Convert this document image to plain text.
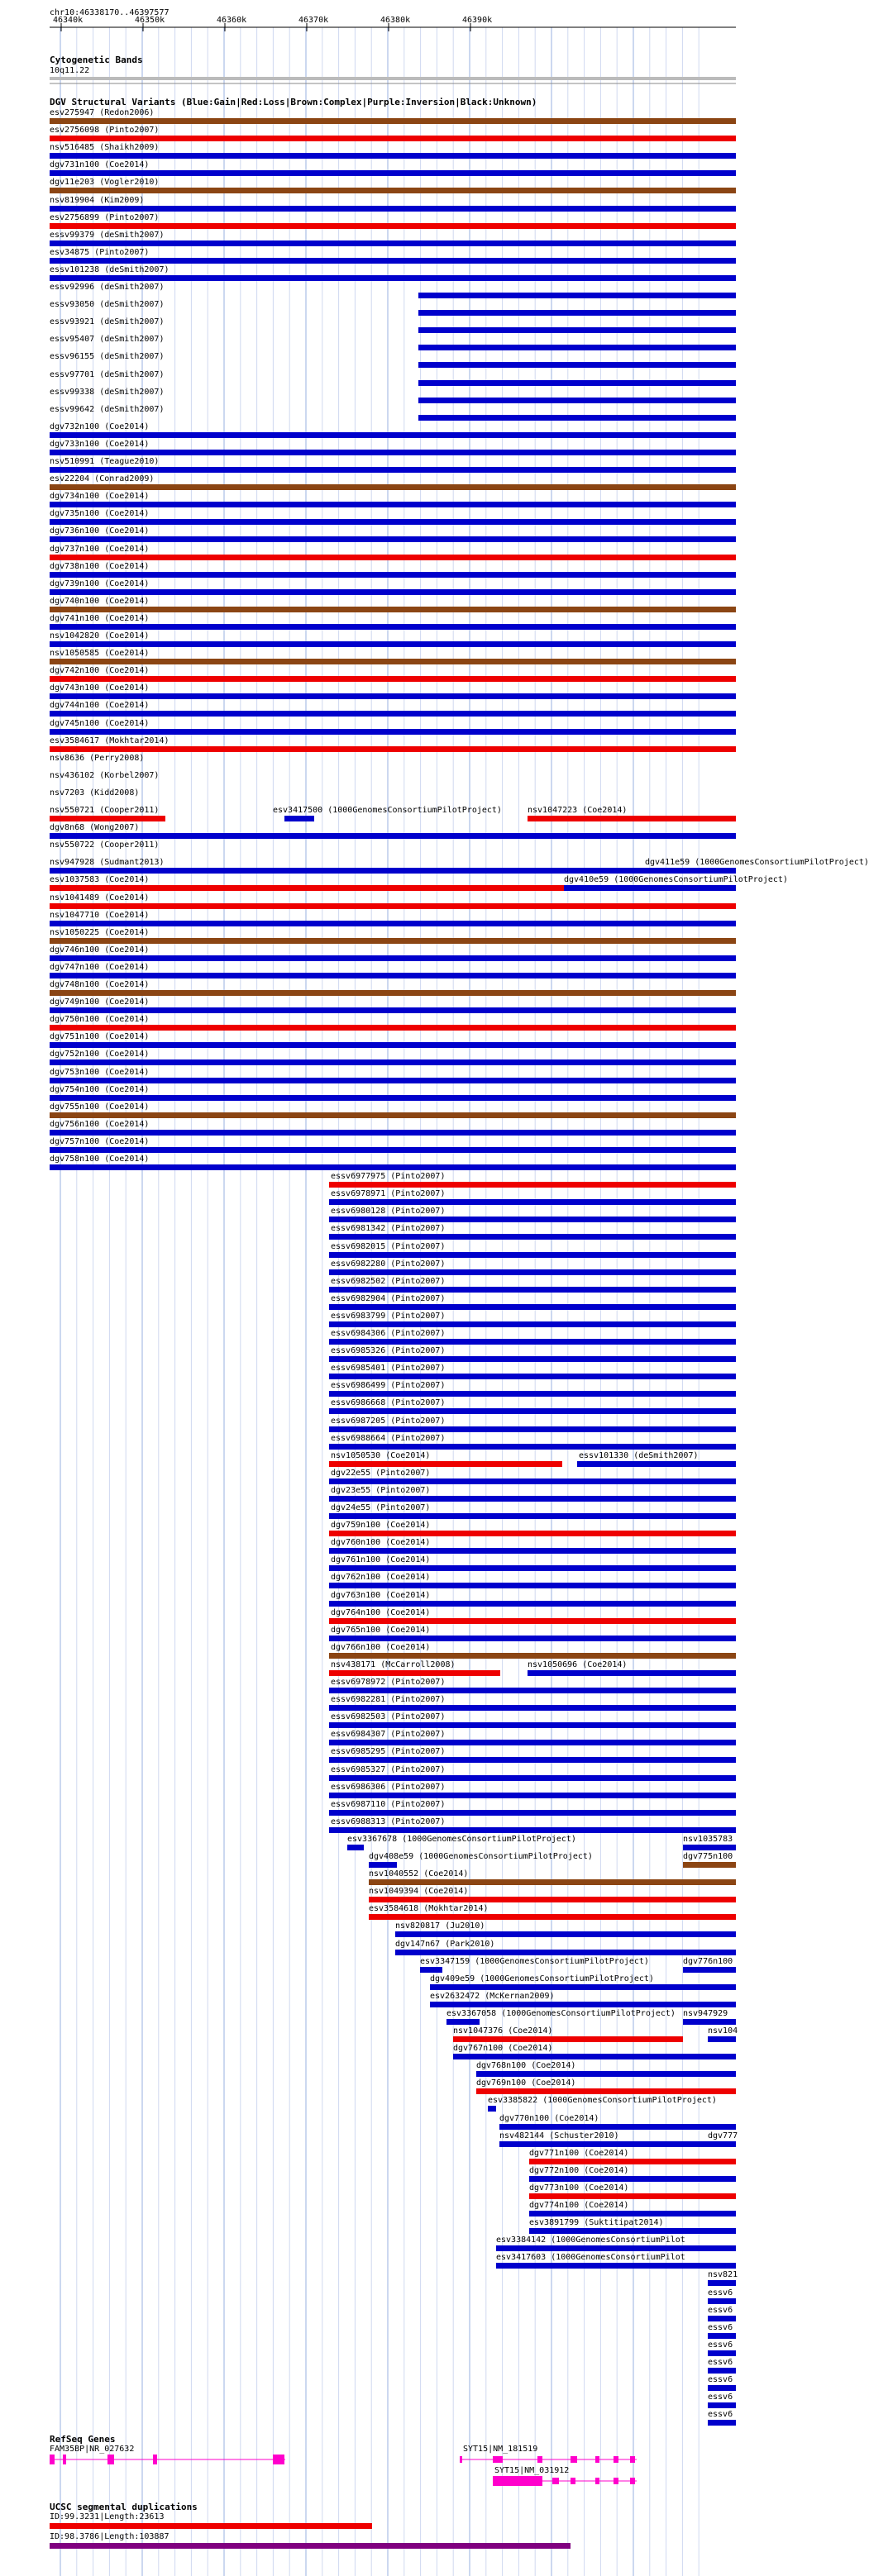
chr10:46338170..46397577
Cytogenetic Bands
10q11.22
DGV Structural Variants (Blue:Gain|Red:Loss|Brown:Complex|Purple:Inversion|Black:Unknown)
RefSeq Genes
UCSC segmental duplications
46340k	46350k	46360k	46370k	46380k	46390k
esv275947 (Redon2006)
esv2756098 (Pinto2007)
nsv516485 (Shaikh2009)
dgv731n100 (Coe2014)
dgv11e203 (Vogler2010)
nsv819904 (Kim2009)
esv2756899 (Pinto2007)
essv99379 (deSmith2007)
esv34875 (Pinto2007)
essv101238 (deSmith2007)
essv92996 (deSmith2007)
essv93050 (deSmith2007)
essv93921 (deSmith2007)
essv95407 (deSmith2007)
essv96155 (deSmith2007)
essv97701 (deSmith2007)
essv99338 (deSmith2007)
essv99642 (deSmith2007)
dgv732n100 (Coe2014)
dgv733n100 (Coe2014)
nsv510991 (Teague2010)
esv22204 (Conrad2009)
dgv734n100 (Coe2014)
dgv735n100 (Coe2014)
dgv736n100 (Coe2014)
dgv737n100 (Coe2014)
dgv738n100 (Coe2014)
dgv739n100 (Coe2014)
dgv740n100 (Coe2014)
dgv741n100 (Coe2014)
nsv1042820 (Coe2014)
nsv1050585 (Coe2014)
dgv742n100 (Coe2014)
dgv743n100 (Coe2014)
dgv744n100 (Coe2014)
dgv745n100 (Coe2014)
esv3584617 (Mokhtar2014)
nsv8636 (Perry2008)
nsv436102 (Korbel2007)
nsv7203 (Kidd2008)
nsv550721 (Cooper2011)	esv3417500 (1000GenomesConsortiumPilotProject)	nsv1047223 (Coe2014)
dgv8n68 (Wong2007)
nsv550722 (Cooper2011)
nsv947928 (Sudmant2013)	dgv411e59 (1000GenomesConsortiumPilotProject)
esv1037583 (Coe2014)	dgv410e59 (1000GenomesConsortiumPilotProject)
nsv1041489 (Coe2014)
nsv1047710 (Coe2014)
nsv1050225 (Coe2014)
dgv746n100 (Coe2014)
dgv747n100 (Coe2014)
dgv748n100 (Coe2014)
dgv749n100 (Coe2014)
dgv750n100 (Coe2014)
dgv751n100 (Coe2014)
dgv752n100 (Coe2014)
dgv753n100 (Coe2014)
dgv754n100 (Coe2014)
dgv755n100 (Coe2014)
dgv756n100 (Coe2014)
dgv757n100 (Coe2014)
dgv758n100 (Coe2014)
essv6977975 (Pinto2007)
essv6978971 (Pinto2007)
essv6980128 (Pinto2007)
essv6981342 (Pinto2007)
essv6982015 (Pinto2007)
essv6982280 (Pinto2007)
essv6982502 (Pinto2007)
essv6982904 (Pinto2007)
essv6983799 (Pinto2007)
essv6984306 (Pinto2007)
essv6985326 (Pinto2007)
essv6985401 (Pinto2007)
essv6986499 (Pinto2007)
essv6986668 (Pinto2007)
essv6987205 (Pinto2007)
essv6988664 (Pinto2007)
nsv1050530 (Coe2014)	essv101330 (deSmith2007)
dgv22e55 (Pinto2007)
dgv23e55 (Pinto2007)
dgv24e55 (Pinto2007)
dgv759n100 (Coe2014)
dgv760n100 (Coe2014)
dgv761n100 (Coe2014)
dgv762n100 (Coe2014)
dgv763n100 (Coe2014)
dgv764n100 (Coe2014)
dgv765n100 (Coe2014)
dgv766n100 (Coe2014)
nsv438171 (McCarroll2008)	nsv1050696 (Coe2014)
essv6978972 (Pinto2007)
essv6982281 (Pinto2007)
essv6982503 (Pinto2007)
essv6984307 (Pinto2007)
essv6985295 (Pinto2007)
essv6985327 (Pinto2007)
essv6986306 (Pinto2007)
essv6987110 (Pinto2007)
essv6988313 (Pinto2007)
esv3367678 (1000GenomesConsortiumPilotProject)	nsv1035783
dgv408e59 (1000GenomesConsortiumPilotProject)	dgv775n100
nsv1040552 (Coe2014)
nsv1049394 (Coe2014)
esv3584618 (Mokhtar2014)
nsv820817 (Ju2010)
dgv147n67 (Park2010)
esv3347159 (1000GenomesConsortiumPilotProject)	dgv776n100
dgv409e59 (1000GenomesConsortiumPilotProject)
esv2632472 (McKernan2009)
esv3367058 (1000GenomesConsortiumPilotProject) nsv947929
nsv1047376 (Coe2014)	nsv104
dgv767n100 (Coe2014)
dgv768n100 (Coe2014)
dgv769n100 (Coe2014)
esv3385822 (1000GenomesConsortiumPilotProject)
dgv770n100 (Coe2014)
nsv482144 (Schuster2010)	dgv777
dgv771n100 (Coe2014)
dgv772n100 (Coe2014)
dgv773n100 (Coe2014)
dgv774n100 (Coe2014)
esv3891799 (Suktitipat2014)
esv3384142 (1000GenomesConsortiumPilot
esv3417603 (1000GenomesConsortiumPilot
nsv821
essv6
essv6
essv6
essv6
essv6
essv6
essv6
essv6
FAM35BP|NR_027632	SYT15|NM_181519
SYT15|NM_031912
ID:99.3231|Length:23613
ID:98.3786|Length:103887
